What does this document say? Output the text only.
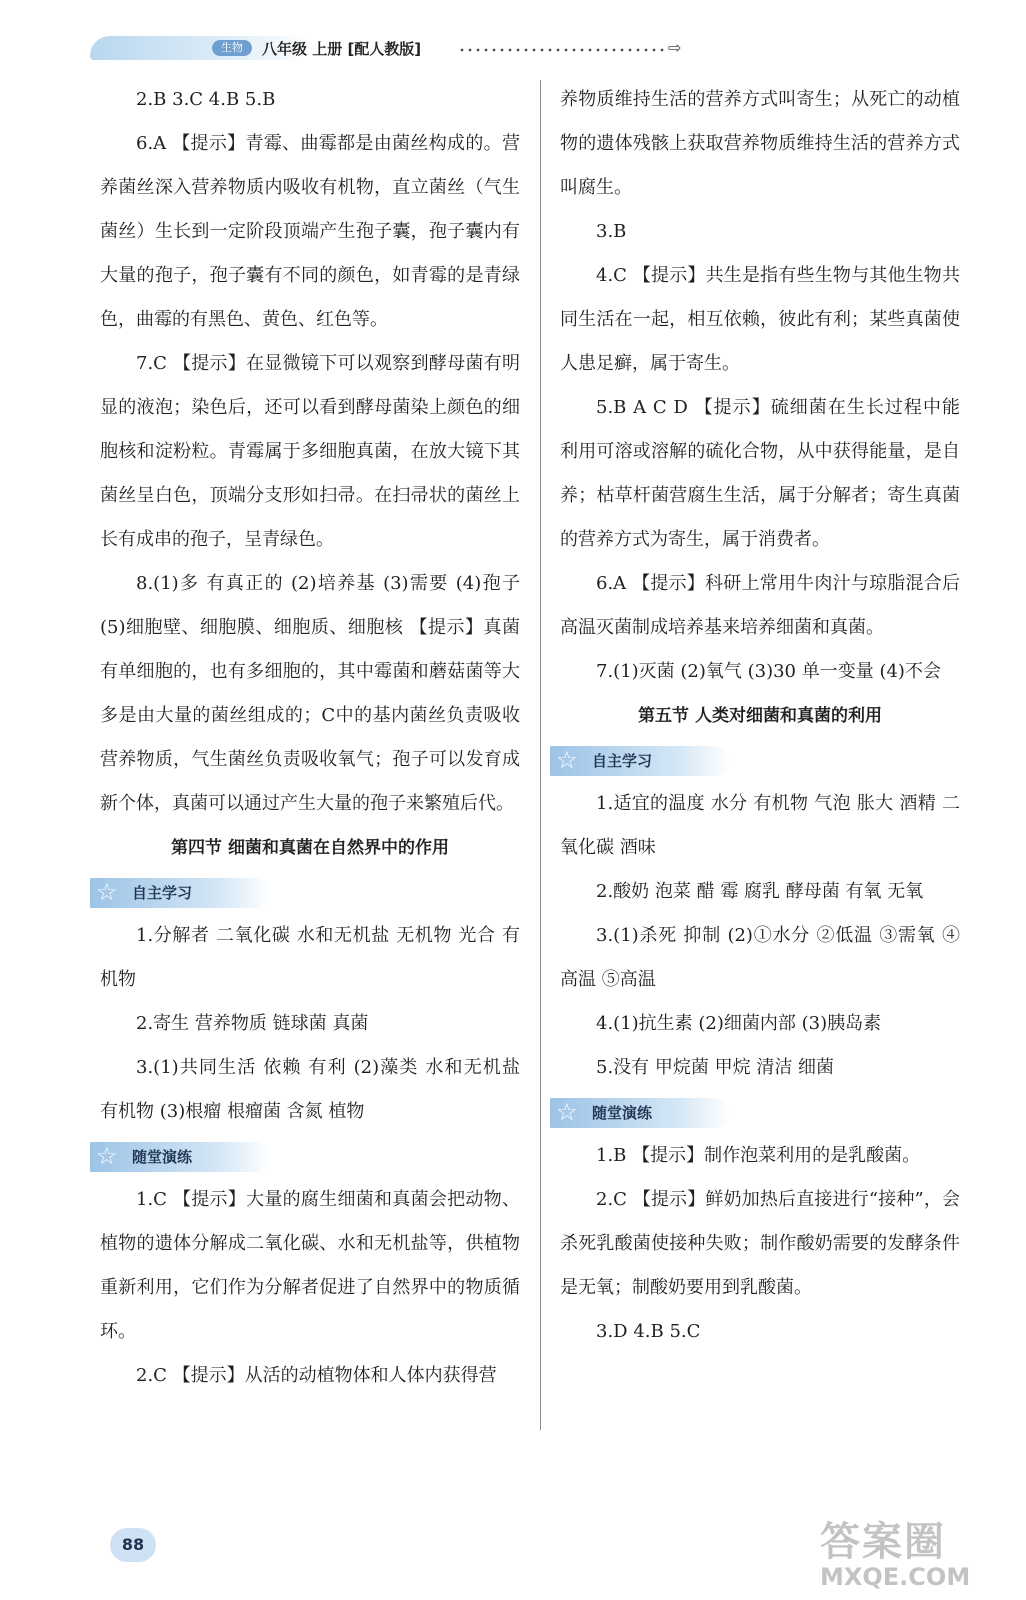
生物	八年级 上册 [配人教版]	⇨

2.B 3.C 4.B 5.B

6.A 【提示】青霉、曲霉都是由菌丝构成的。营养菌丝深入营养物质内吸收有机物，直立菌丝（气生菌丝）生长到一定阶段顶端产生孢子囊，孢子囊内有大量的孢子，孢子囊有不同的颜色，如青霉的是青绿色，曲霉的有黑色、黄色、红色等。

7.C 【提示】在显微镜下可以观察到酵母菌有明显的液泡；染色后，还可以看到酵母菌染上颜色的细胞核和淀粉粒。青霉属于多细胞真菌，在放大镜下其菌丝呈白色，顶端分支形如扫帚。在扫帚状的菌丝上长有成串的孢子，呈青绿色。

8.(1)多 有真正的 (2)培养基 (3)需要 (4)孢子 (5)细胞壁、细胞膜、细胞质、细胞核 【提示】真菌有单细胞的，也有多细胞的，其中霉菌和蘑菇菌等大多是由大量的菌丝组成的；C中的基内菌丝负责吸收营养物质，气生菌丝负责吸收氧气；孢子可以发育成新个体，真菌可以通过产生大量的孢子来繁殖后代。

第四节 细菌和真菌在自然界中的作用

☆ 自主学习

1.分解者 二氧化碳 水和无机盐 无机物 光合 有机物

2.寄生 营养物质 链球菌 真菌

3.(1)共同生活 依赖 有利 (2)藻类 水和无机盐 有机物 (3)根瘤 根瘤菌 含氮 植物

☆ 随堂演练

1.C 【提示】大量的腐生细菌和真菌会把动物、植物的遗体分解成二氧化碳、水和无机盐等，供植物重新利用，它们作为分解者促进了自然界中的物质循环。

2.C 【提示】从活的动植物体和人体内获得营

养物质维持生活的营养方式叫寄生；从死亡的动植物的遗体残骸上获取营养物质维持生活的营养方式叫腐生。

3.B

4.C 【提示】共生是指有些生物与其他生物共同生活在一起，相互依赖，彼此有利；某些真菌使人患足癣，属于寄生。

5.B A C D 【提示】硫细菌在生长过程中能利用可溶或溶解的硫化合物，从中获得能量，是自养；枯草杆菌营腐生生活，属于分解者；寄生真菌的营养方式为寄生，属于消费者。

6.A 【提示】科研上常用牛肉汁与琼脂混合后高温灭菌制成培养基来培养细菌和真菌。

7.(1)灭菌 (2)氧气 (3)30 单一变量 (4)不会

第五节 人类对细菌和真菌的利用

☆ 自主学习

1.适宜的温度 水分 有机物 气泡 胀大 酒精 二氧化碳 酒味

2.酸奶 泡菜 醋 霉 腐乳 酵母菌 有氧 无氧

3.(1)杀死 抑制 (2)①水分 ②低温 ③需氧 ④高温 ⑤高温

4.(1)抗生素 (2)细菌内部 (3)胰岛素

5.没有 甲烷菌 甲烷 清洁 细菌

☆ 随堂演练

1.B 【提示】制作泡菜利用的是乳酸菌。

2.C 【提示】鲜奶加热后直接进行“接种”，会杀死乳酸菌使接种失败；制作酸奶需要的发酵条件是无氧；制酸奶要用到乳酸菌。

3.D 4.B 5.C

88	答案圈
MXQE.COM
